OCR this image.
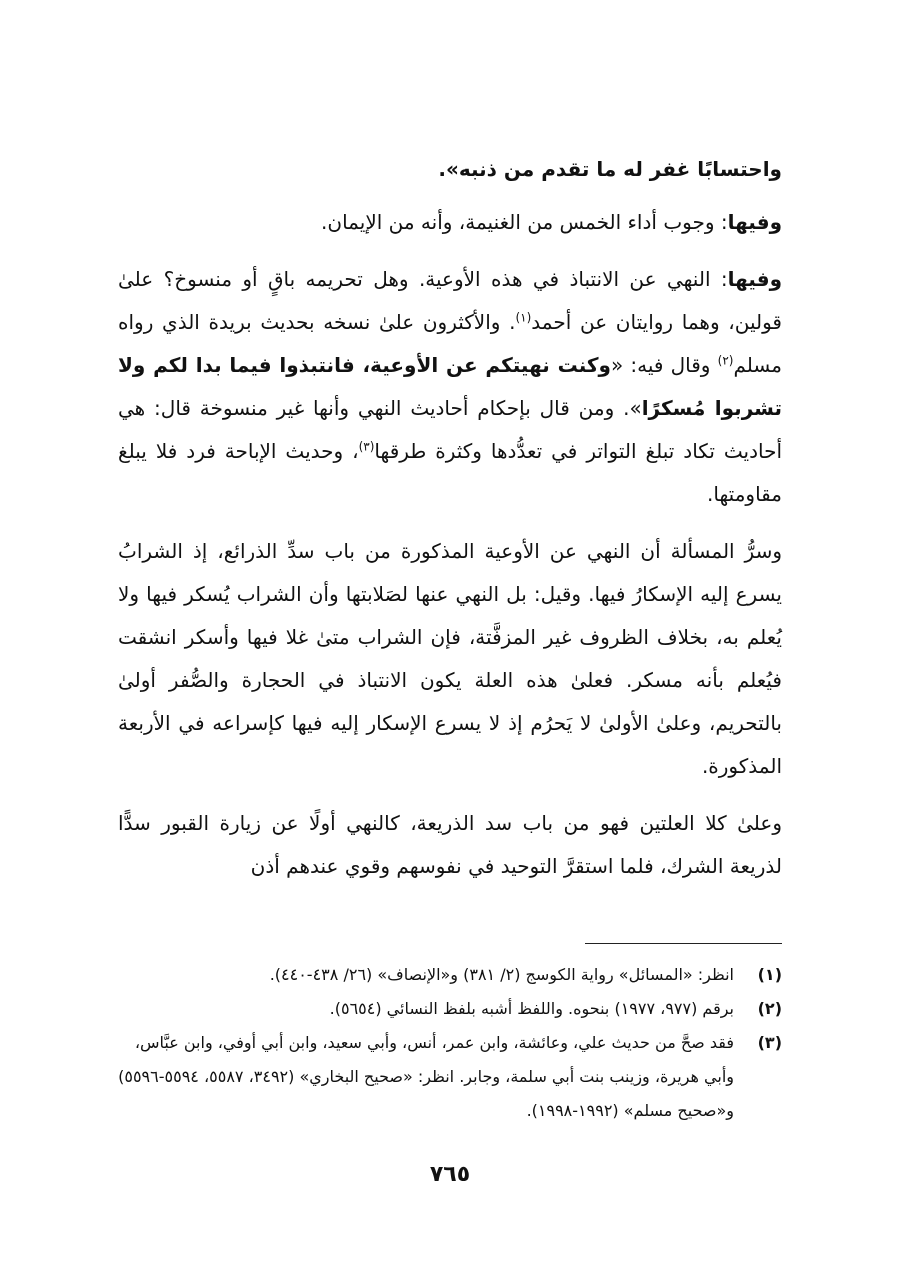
واحتسابًا غفر له ما تقدم من ذنبه».

وفيها: وجوب أداء الخمس من الغنيمة، وأنه من الإيمان.

وفيها: النهي عن الانتباذ في هذه الأوعية. وهل تحريمه باقٍ أو منسوخ؟ علىٰ قولين، وهما روايتان عن أحمد$^{(١)}$. والأكثرون علىٰ نسخه بحديث بريدة الذي رواه مسلم$^{(٢)}$ وقال فيه: «وكنت نهيتكم عن الأوعية، فانتبذوا فيما بدا لكم ولا تشربوا مُسكرًا». ومن قال بإحكام أحاديث النهي وأنها غير منسوخة قال: هي أحاديث تكاد تبلغ التواتر في تعدُّدها وكثرة طرقها$^{(٣)}$، وحديث الإباحة فرد فلا يبلغ مقاومتها.

وسرُّ المسألة أن النهي عن الأوعية المذكورة من باب سدِّ الذرائع، إذ الشرابُ يسرع إليه الإسكارُ فيها. وقيل: بل النهي عنها لصَلابتها وأن الشراب يُسكر فيها ولا يُعلم به، بخلاف الظروف غير المزفَّتة، فإن الشراب متىٰ غلا فيها وأسكر انشقت فيُعلم بأنه مسكر. فعلىٰ هذه العلة يكون الانتباذ في الحجارة والصُّفر أولىٰ بالتحريم، وعلىٰ الأولىٰ لا يَحرُم إذ لا يسرع الإسكار إليه فيها كإسراعه في الأربعة المذكورة.

وعلىٰ كلا العلتين فهو من باب سد الذريعة، كالنهي أولًا عن زيارة القبور سدًّا لذريعة الشرك، فلما استقرَّ التوحيد في نفوسهم وقوي عندهم أذن

(١)
انظر: «المسائل» رواية الكوسج (٢/ ٣٨١) و«الإنصاف» (٢٦/ ٤٣٨-٤٤٠).
(٢)
برقم (٩٧٧، ١٩٧٧) بنحوه. واللفظ أشبه بلفظ النسائي (٥٦٥٤).
(٣)
فقد صحَّ من حديث علي، وعائشة، وابن عمر، أنس، وأبي سعيد، وابن أبي أوفي، وابن عبَّاس، وأبي هريرة، وزينب بنت أبي سلمة، وجابر. انظر: «صحيح البخاري» (٣٤٩٢، ٥٥٨٧، ٥٥٩٤-٥٥٩٦) و«صحيح مسلم» (١٩٩٢-١٩٩٨).
٧٦٥
